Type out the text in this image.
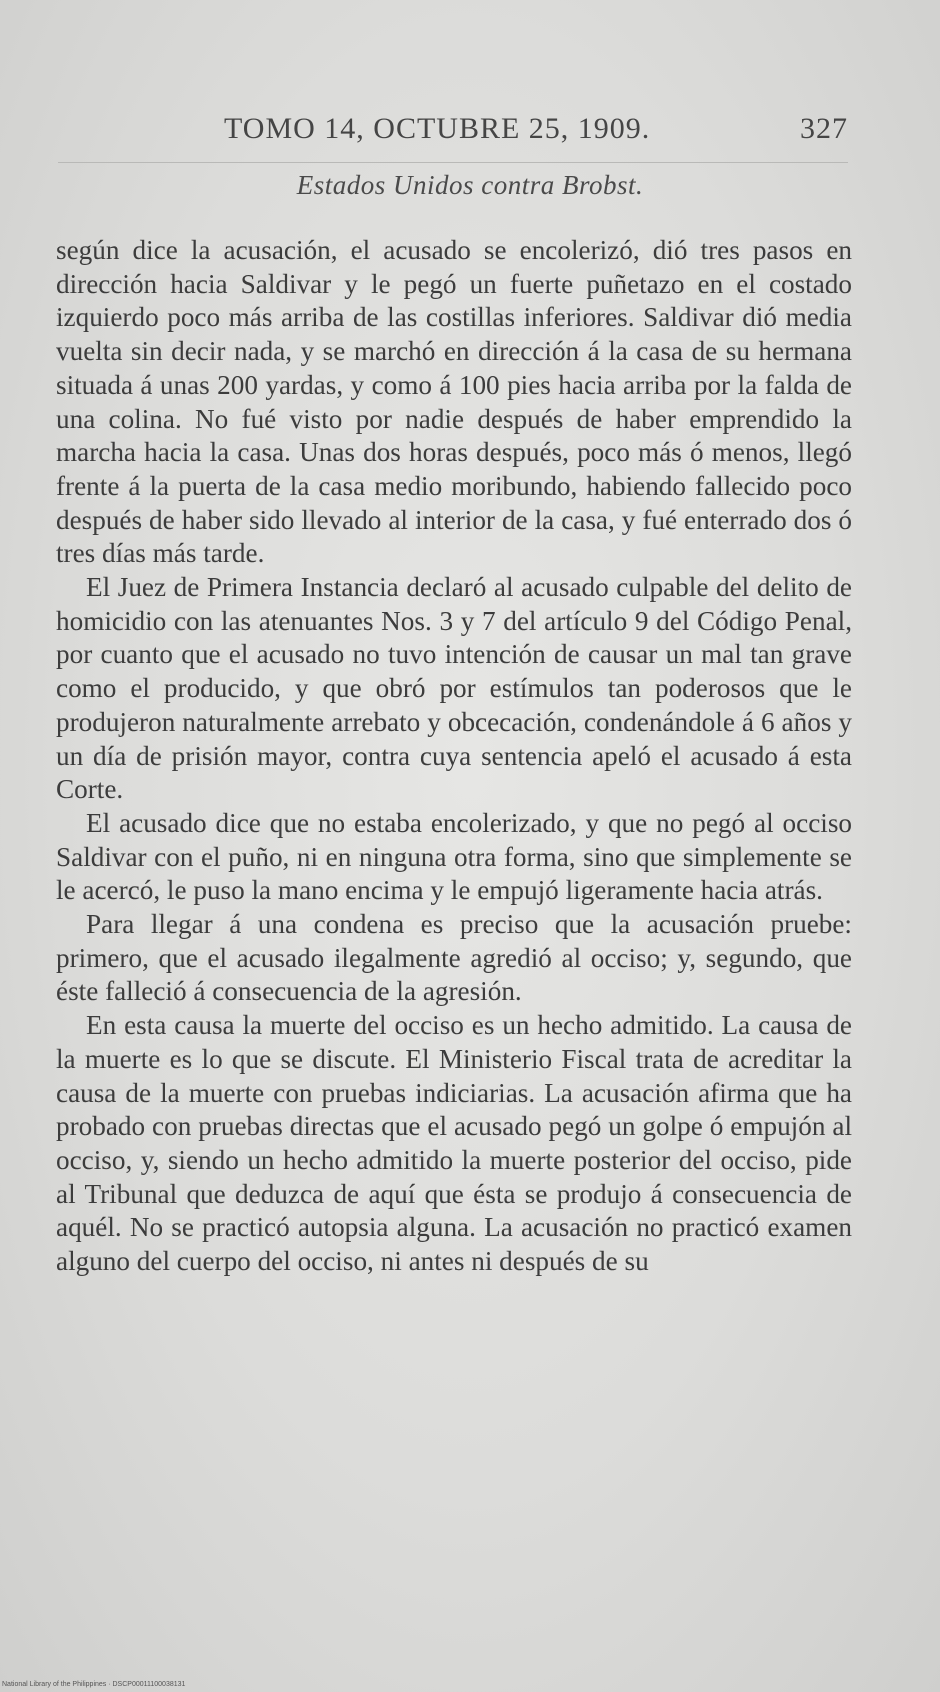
TOMO 14, OCTUBRE 25, 1909.	327
Estados Unidos contra Brobst.

según dice la acusación, el acusado se encolerizó, dió tres pasos en dirección hacia Saldivar y le pegó un fuerte puñetazo en el costado izquierdo poco más arriba de las costillas inferiores. Saldivar dió media vuelta sin decir nada, y se marchó en dirección á la casa de su hermana situada á unas 200 yardas, y como á 100 pies hacia arriba por la falda de una colina. No fué visto por nadie después de haber emprendido la marcha hacia la casa. Unas dos horas después, poco más ó menos, llegó frente á la puerta de la casa medio moribundo, habiendo fallecido poco después de haber sido llevado al interior de la casa, y fué enterrado dos ó tres días más tarde.

El Juez de Primera Instancia declaró al acusado culpable del delito de homicidio con las atenuantes Nos. 3 y 7 del artículo 9 del Código Penal, por cuanto que el acusado no tuvo intención de causar un mal tan grave como el producido, y que obró por estímulos tan poderosos que le produjeron naturalmente arrebato y obcecación, condenándole á 6 años y un día de prisión mayor, contra cuya sentencia apeló el acusado á esta Corte.

El acusado dice que no estaba encolerizado, y que no pegó al occiso Saldivar con el puño, ni en ninguna otra forma, sino que simplemente se le acercó, le puso la mano encima y le empujó ligeramente hacia atrás.

Para llegar á una condena es preciso que la acusación pruebe: primero, que el acusado ilegalmente agredió al occiso; y, segundo, que éste falleció á consecuencia de la agresión.

En esta causa la muerte del occiso es un hecho admitido. La causa de la muerte es lo que se discute. El Ministerio Fiscal trata de acreditar la causa de la muerte con pruebas indiciarias. La acusación afirma que ha probado con pruebas directas que el acusado pegó un golpe ó empujón al occiso, y, siendo un hecho admitido la muerte posterior del occiso, pide al Tribunal que deduzca de aquí que ésta se produjo á consecuencia de aquél. No se practicó autopsia alguna. La acusación no practicó examen alguno del cuerpo del occiso, ni antes ni después de su

National Library of the Philippines · DSCP00011100038131
